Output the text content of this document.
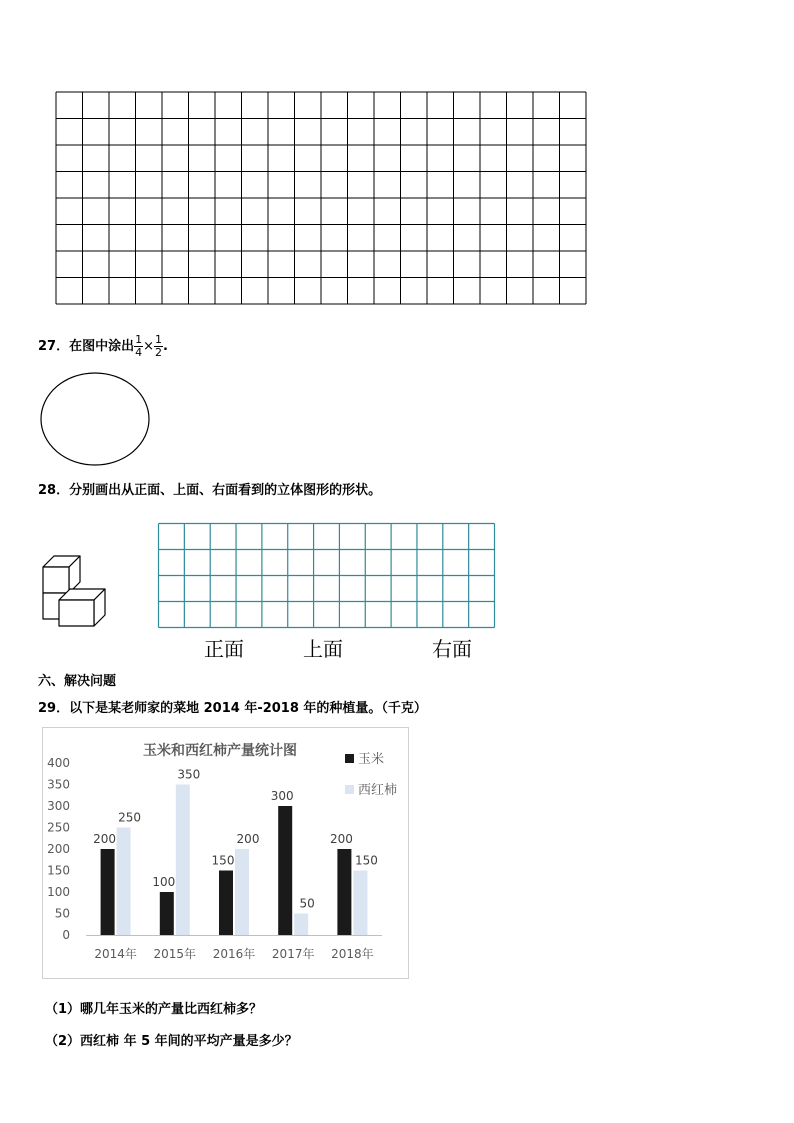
27．在图中涂出 $\frac{1}{4} \times \frac{1}{2}$ .
28．分别画出从正面、上面、右面看到的立体图形的形状。
正面	上面	右面
六、解决问题
29．以下是某老师家的菜地 2014 年-2018 年的种植量。（千克）
玉米和西红柿产量统计图
0
50
100
150
200
250
300
350
400
200
250
100
350
150
200
300
50
200
150
2014年 2015年 2016年 2017年 2018年
玉米
西红柿
（1）哪几年玉米的产量比西红柿多？
（2）西红柿 年 5 年间的平均产量是多少？
